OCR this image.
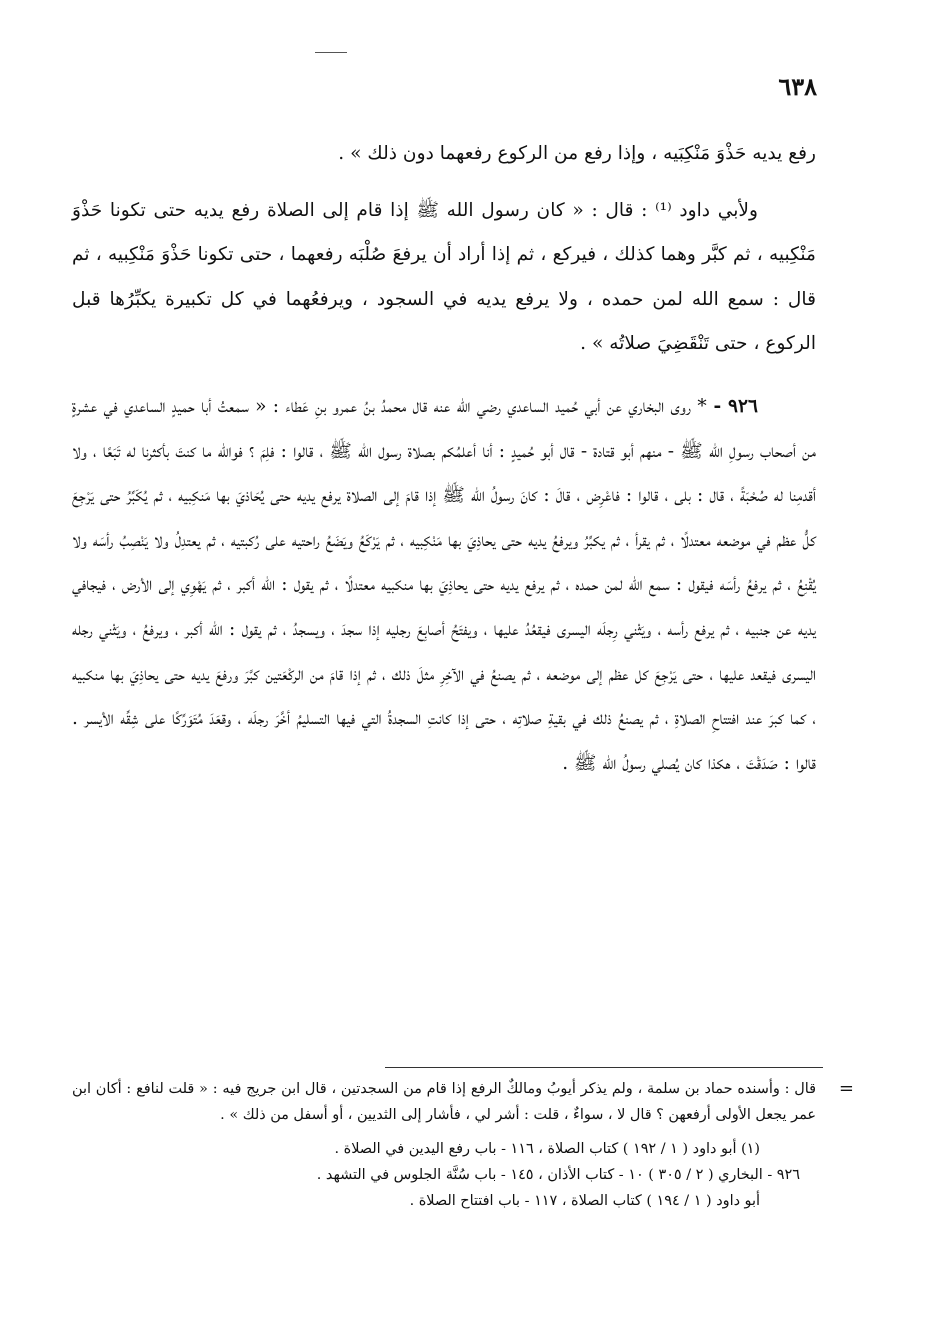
٦٣٨

رفع يديه حَذْوَ مَنْكِبَيه ، وإذا رفع من الركوع رفعهما دون ذلك » .

ولأبي داود ⁽¹⁾ : قال : « كان رسول الله ﷺ إذا قام إلى الصلاة رفع يديه حتى تكونا حَذْوَ مَنْكِبيه ، ثم كبَّر وهما كذلك ، فيركع ، ثم إذا أراد أن يرفعَ صُلْبَه رفعهما ، حتى تكونا حَذْوَ مَنْكِبيه ، ثم قال : سمع الله لمن حمده ، ولا يرفع يديه في السجود ، ويرفعُهما في كل تكبيرة يكبِّرُها قبل الركوع ، حتى تَنْقَضِيَ صلاتُه » .

٩٢٦ - * روى البخاري عن أبي حُميد الساعدي رضي الله عنه قال محمدُ بنُ عمرو بنِ عَطاء : « سمعتُ أبا حميدٍ الساعدي في عشرةٍ من أصحاب رسولِ الله ﷺ - منهم أبو قتادة - قال أبو حُميدٍ : أنا أعلمُكم بصلاة رسول الله ﷺ ، قالوا : فلِمَ ؟ فوالله ما كنتَ بأكثرنا له تَبَعًا ، ولا أقدمِنا له صُحْبَةً ، قال : بلى ، قالوا : فاعْرِض ، قالَ : كانَ رسولُ الله ﷺ إذا قامَ إلى الصلاة يرفع يديه حتى يُحَاذيَ بها مَنكِبيه ، ثم يُكَبِّرُ حتى يَرْجِعَ كلُّ عظم في موضعه معتدلًا ، ثم يقرأ ، ثم يكبِّرُ ويرفعُ يديه حتى يحاذِيَ بها مَنْكِبيه ، ثم يَرْكَعُ ويَضَعُ راحتيه على رُكبتيه ، ثم يعتدِلُ ولا يَنْصِبُ رأسَه ولا يُقْنِعُ ، ثم يرفعُ رأسَه فيقول : سمع الله لمن حمده ، ثم يرفع يديه حتى يحاذِيَ بها منكبيه معتدلًا ، ثم يقول : الله أكبر ، ثم يَهْوِي إلى الأرض ، فيجافي يديه عن جنبيه ، ثم يرفع رأسه ، ويَثْني رِجلَه اليسرى فيقعُدُ عليها ، ويفتَحُ أصابِعَ رجليه إذا سجدَ ، ويسجدُ ، ثم يقول : الله أكبر ، ويرفعُ ، ويَثْني رجله اليسرى فيقعد عليها ، حتى يَرْجِعَ كل عظم إلى موضعه ، ثم يصنعُ في الآخِرِ مثلَ ذلك ، ثم إذا قامَ من الركْعَتين كبَّرَ ورفعَ يديه حتى يحاذِيَ بها منكبيه ، كما كبرَ عند افتتاحِ الصلاةِ ، ثم يصنعُ ذلك في بقيةِ صلاتِه ، حتى إذا كانتِ السجدةُ التي فيها التسليمُ أخَّرَ رجلَه ، وقعَدَ مُتَوَرِّكًا على شِقِّه الأيسر . قالوا : صَدَقْتَ ، هكذا كان يُصلي رسولُ الله ﷺ .

=
قال : وأسنده حماد بن سلمة ، ولم يذكر أيوبُ ومالكٌ الرفع إذا قام من السجدتين ، قال ابن جريج فيه : « قلت لنافع : أكان ابن عمر يجعل الأولى أرفعهن ؟ قال لا ، سواءٌ ، قلت : أشر لي ، فأشار إلى الثديين ، أو أسفل من ذلك » .

(١) أبو داود ( ١ / ١٩٢ ) كتاب الصلاة ، ١١٦ - باب رفع اليدين في الصلاة .

٩٢٦ - البخاري ( ٢ / ٣٠٥ ) ١٠ - كتاب الأذان ، ١٤٥ - باب سُنَّة الجلوس في التشهد .

أبو داود ( ١ / ١٩٤ ) كتاب الصلاة ، ١١٧ - باب افتتاح الصلاة .
